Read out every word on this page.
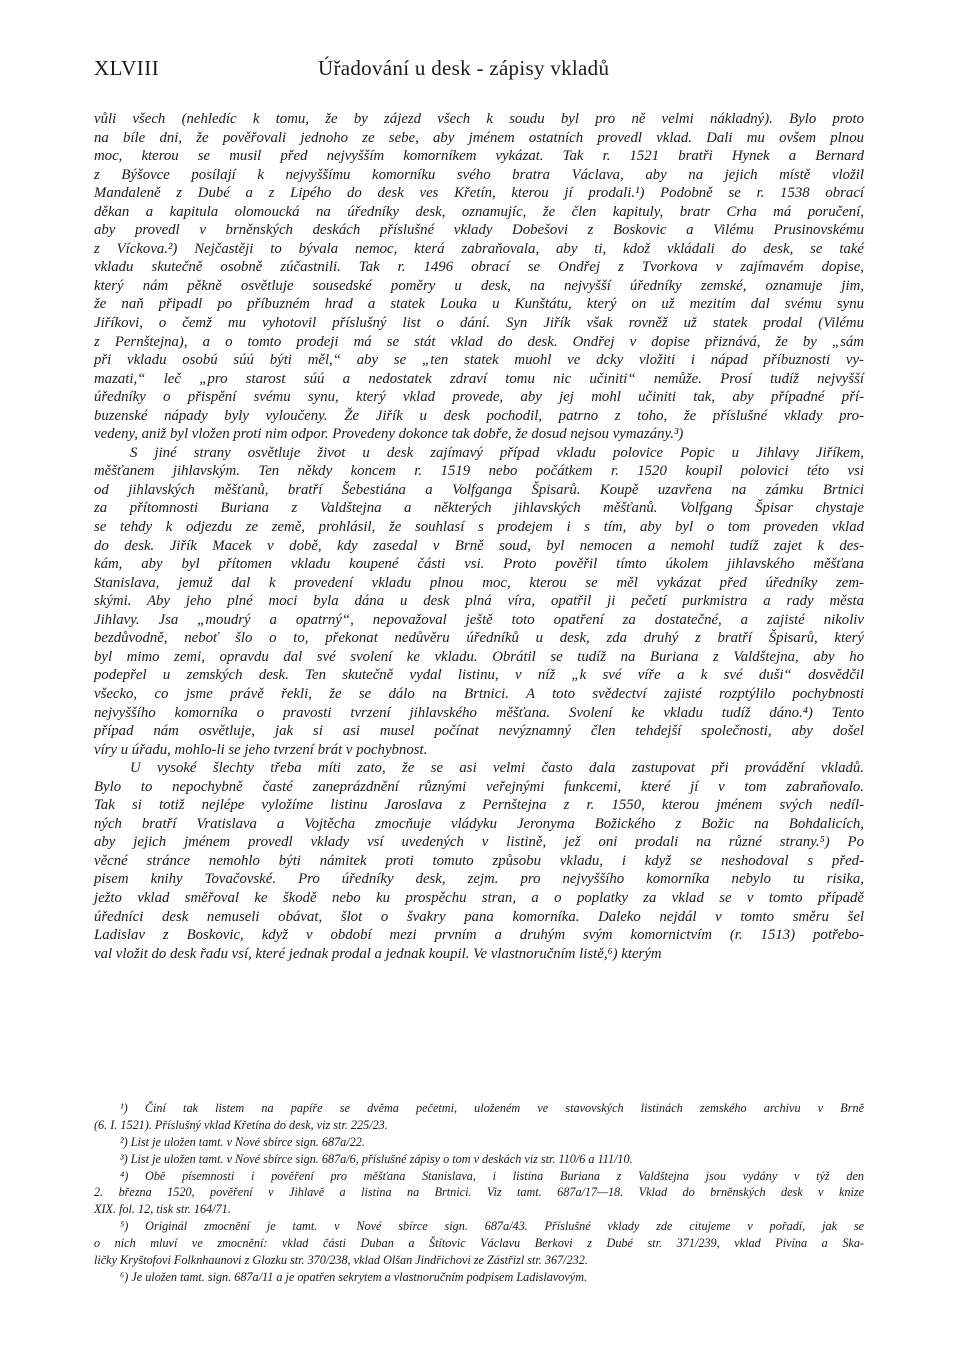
XLVIII	Úřadování u desk - zápisy vkladů
vůli všech (nehledíc k tomu, že by zájezd všech k soudu byl pro ně velmi nákladný). Bylo proto
na bíle dni, že pověřovali jednoho ze sebe, aby jménem ostatních provedl vklad. Dali mu ovšem plnou
moc, kterou se musil před nejvyšším komorníkem vykázat. Tak r. 1521 bratři Hynek a Bernard
z Býšovce posílají k nejvyššímu komorníku svého bratra Václava, aby na jejich místě vložil
Mandaleně z Dubé a z Lipého do desk ves Křetín, kterou jí prodali.¹) Podobně se r. 1538 obrací
děkan a kapitula olomoucká na úředníky desk, oznamujíc, že člen kapituly, bratr Crha má poručení,
aby provedl v brněnských deskách příslušné vklady Dobešovi z Boskovic a Vilému Prusinovskému
z Víckova.²) Nejčastěji to bývala nemoc, která zabraňovala, aby ti, kdož vkládali do desk, se také
vkladu skutečně osobně zúčastnili. Tak r. 1496 obrací se Ondřej z Tvorkova v zajímavém dopise,
který nám pěkně osvětluje sousedské poměry u desk, na nejvyšší úředníky zemské, oznamuje jim,
že naň připadl po příbuzném hrad a statek Louka u Kunštátu, který on už mezitím dal svému synu
Jiříkovi, o čemž mu vyhotovil příslušný list o dání. Syn Jiřík však rovněž už statek prodal (Vilému
z Pernštejna), a o tomto prodeji má se stát vklad do desk. Ondřej v dopise přiznává, že by „sám
při vkladu osobú súú býti měl,“ aby se „ten statek muohl ve dcky vložiti i nápad příbuznosti vy-
mazati,“ leč „pro starost súú a nedostatek zdraví tomu nic učiniti“ nemůže. Prosí tudíž nejvyšší
úředníky o přispění svému synu, který vklad provede, aby jej mohl učiniti tak, aby případné pří-
buzenské nápady byly vyloučeny. Že Jiřík u desk pochodil, patrno z toho, že příslušné vklady pro-
vedeny, aniž byl vložen proti nim odpor. Provedeny dokonce tak dobře, že dosud nejsou vymazány.³)
S jiné strany osvětluje život u desk zajímavý případ vkladu polovice Popic u Jihlavy Jiříkem,
měšťanem jihlavským. Ten někdy koncem r. 1519 nebo počátkem r. 1520 koupil polovici této vsi
od jihlavských měšťanů, bratří Šebestiána a Volfganga Špisarů. Koupě uzavřena na zámku Brtnici
za přítomnosti Buriana z Valdštejna a některých jihlavských měšťanů. Volfgang Špisar chystaje
se tehdy k odjezdu ze země, prohlásil, že souhlasí s prodejem i s tím, aby byl o tom proveden vklad
do desk. Jiřík Macek v době, kdy zasedal v Brně soud, byl nemocen a nemohl tudíž zajet k des-
kám, aby byl přítomen vkladu koupené části vsi. Proto pověřil tímto úkolem jihlavského měšťana
Stanislava, jemuž dal k provedení vkladu plnou moc, kterou se měl vykázat před úředníky zem-
skými. Aby jeho plné moci byla dána u desk plná víra, opatřil ji pečetí purkmistra a rady města
Jihlavy. Jsa „moudrý a opatrný“, nepovažoval ještě toto opatření za dostatečné, a zajisté nikoliv
bezdůvodně, neboť šlo o to, překonat nedůvěru úředníků u desk, zda druhý z bratří Špisarů, který
byl mimo zemi, opravdu dal své svolení ke vkladu. Obrátil se tudíž na Buriana z Valdštejna, aby ho
podepřel u zemských desk. Ten skutečně vydal listinu, v níž „k své víře a k své duši“ dosvědčil
všecko, co jsme právě řekli, že se dálo na Brtnici. A toto svědectví zajisté rozptýlilo pochybnosti
nejvyššího komorníka o pravosti tvrzení jihlavského měšťana. Svolení ke vkladu tudíž dáno.⁴) Tento
případ nám osvětluje, jak si asi musel počínat nevýznamný člen tehdejší společnosti, aby došel
víry u úřadu, mohlo-li se jeho tvrzení brát v pochybnost.
U vysoké šlechty třeba míti zato, že se asi velmi často dala zastupovat při provádění vkladů.
Bylo to nepochybně časté zaneprázdnění různými veřejnými funkcemi, které jí v tom zabraňovalo.
Tak si totiž nejlépe vyložíme listinu Jaroslava z Pernštejna z r. 1550, kterou jménem svých nedíl-
ných bratří Vratislava a Vojtěcha zmocňuje vládyku Jeronyma Božického z Božic na Bohdalicích,
aby jejich jménem provedl vklady vsí uvedených v listině, jež oni prodali na různé strany.⁵) Po
věcné stránce nemohlo býti námitek proti tomuto způsobu vkladu, i když se neshodoval s před-
pisem knihy Tovačovské. Pro úředníky desk, zejm. pro nejvyššího komorníka nebylo tu risika,
ježto vklad směřoval ke škodě nebo ku prospěchu stran, a o poplatky za vklad se v tomto případě
úředníci desk nemuseli obávat, šlot o švakry pana komorníka. Daleko nejdál v tomto směru šel
Ladislav z Boskovic, když v období mezi prvním a druhým svým komornictvím (r. 1513) potřebo-
val vložit do desk řadu vsí, které jednak prodal a jednak koupil. Ve vlastnoručním listě,⁶) kterým
¹) Činí tak listem na papíře se dvěma pečetmi, uloženém ve stavovských listinách zemského archivu v Brně
(6. I. 1521). Příslušný vklad Křetína do desk, viz str. 225/23.
²) List je uložen tamt. v Nové sbírce sign. 687a/22.
³) List je uložen tamt. v Nové sbírce sign. 687a/6, příslušné zápisy o tom v deskách viz str. 110/6 a 111/10.
⁴) Obě písemnosti i pověření pro měšťana Stanislava, i listina Buriana z Valdštejna jsou vydány v týž den
2. března 1520, pověření v Jihlavě a listina na Brtnici. Viz tamt. 687a/17—18. Vklad do brněnských desk v knize
XIX. fol. 12, tisk str. 164/71.
⁵) Originál zmocnění je tamt. v Nové sbírce sign. 687a/43. Příslušné vklady zde citujeme v pořadí, jak se
o nich mluví ve zmocnění: vklad části Duban a Štítovic Václavu Berkovi z Dubé str. 371/239, vklad Pivína a Ska-
ličky Kryštofovi Folknhaunovi z Glozku str. 370/238, vklad Olšan Jindřichovi ze Zástřizl str. 367/232.
⁶) Je uložen tamt. sign. 687a/11 a je opatřen sekrytem a vlastnoručním podpisem Ladislavovým.
